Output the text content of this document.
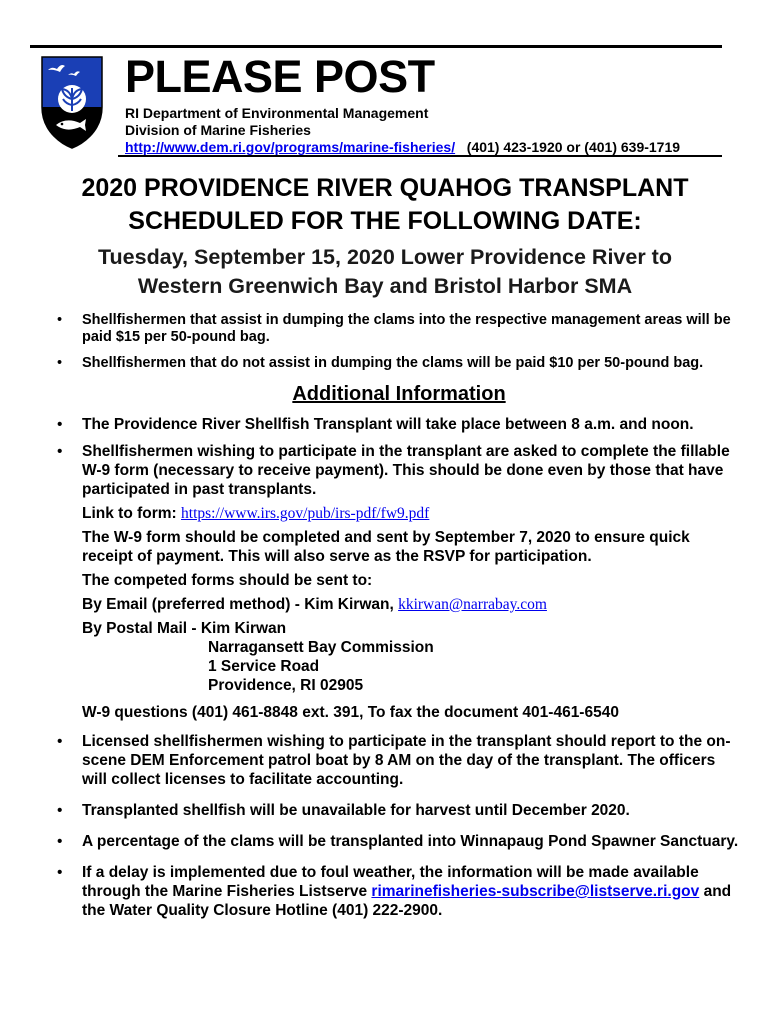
PLEASE POST
RI Department of Environmental Management
Division of Marine Fisheries
http://www.dem.ri.gov/programs/marine-fisheries/ (401) 423-1920 or (401) 639-1719
2020 PROVIDENCE RIVER QUAHOG TRANSPLANT
SCHEDULED FOR THE FOLLOWING DATE:
Tuesday, September 15, 2020 Lower Providence River to
Western Greenwich Bay and Bristol Harbor SMA
• Shellfishermen that assist in dumping the clams into the respective management areas will be paid $15 per 50-pound bag.
• Shellfishermen that do not assist in dumping the clams will be paid $10 per 50-pound bag.
Additional Information
• The Providence River Shellfish Transplant will take place between 8 a.m. and noon.
• Shellfishermen wishing to participate in the transplant are asked to complete the fillable W-9 form (necessary to receive payment). This should be done even by those that have participated in past transplants.

Link to form: https://www.irs.gov/pub/irs-pdf/fw9.pdf

The W-9 form should be completed and sent by September 7, 2020 to ensure quick receipt of payment. This will also serve as the RSVP for participation.

The competed forms should be sent to:

By Email (preferred method) - Kim Kirwan, kkirwan@narrabay.com

By Postal Mail - Kim Kirwan

Narragansett Bay Commission

1 Service Road

Providence, RI 02905

W-9 questions (401) 461-8848 ext. 391, To fax the document 401-461-6540

• Licensed shellfishermen wishing to participate in the transplant should report to the on-scene DEM Enforcement patrol boat by 8 AM on the day of the transplant. The officers will collect licenses to facilitate accounting.
• Transplanted shellfish will be unavailable for harvest until December 2020.
• A percentage of the clams will be transplanted into Winnapaug Pond Spawner Sanctuary.
• If a delay is implemented due to foul weather, the information will be made available through the Marine Fisheries Listserve rimarinefisheries-subscribe@listserve.ri.gov and the Water Quality Closure Hotline (401) 222-2900.
